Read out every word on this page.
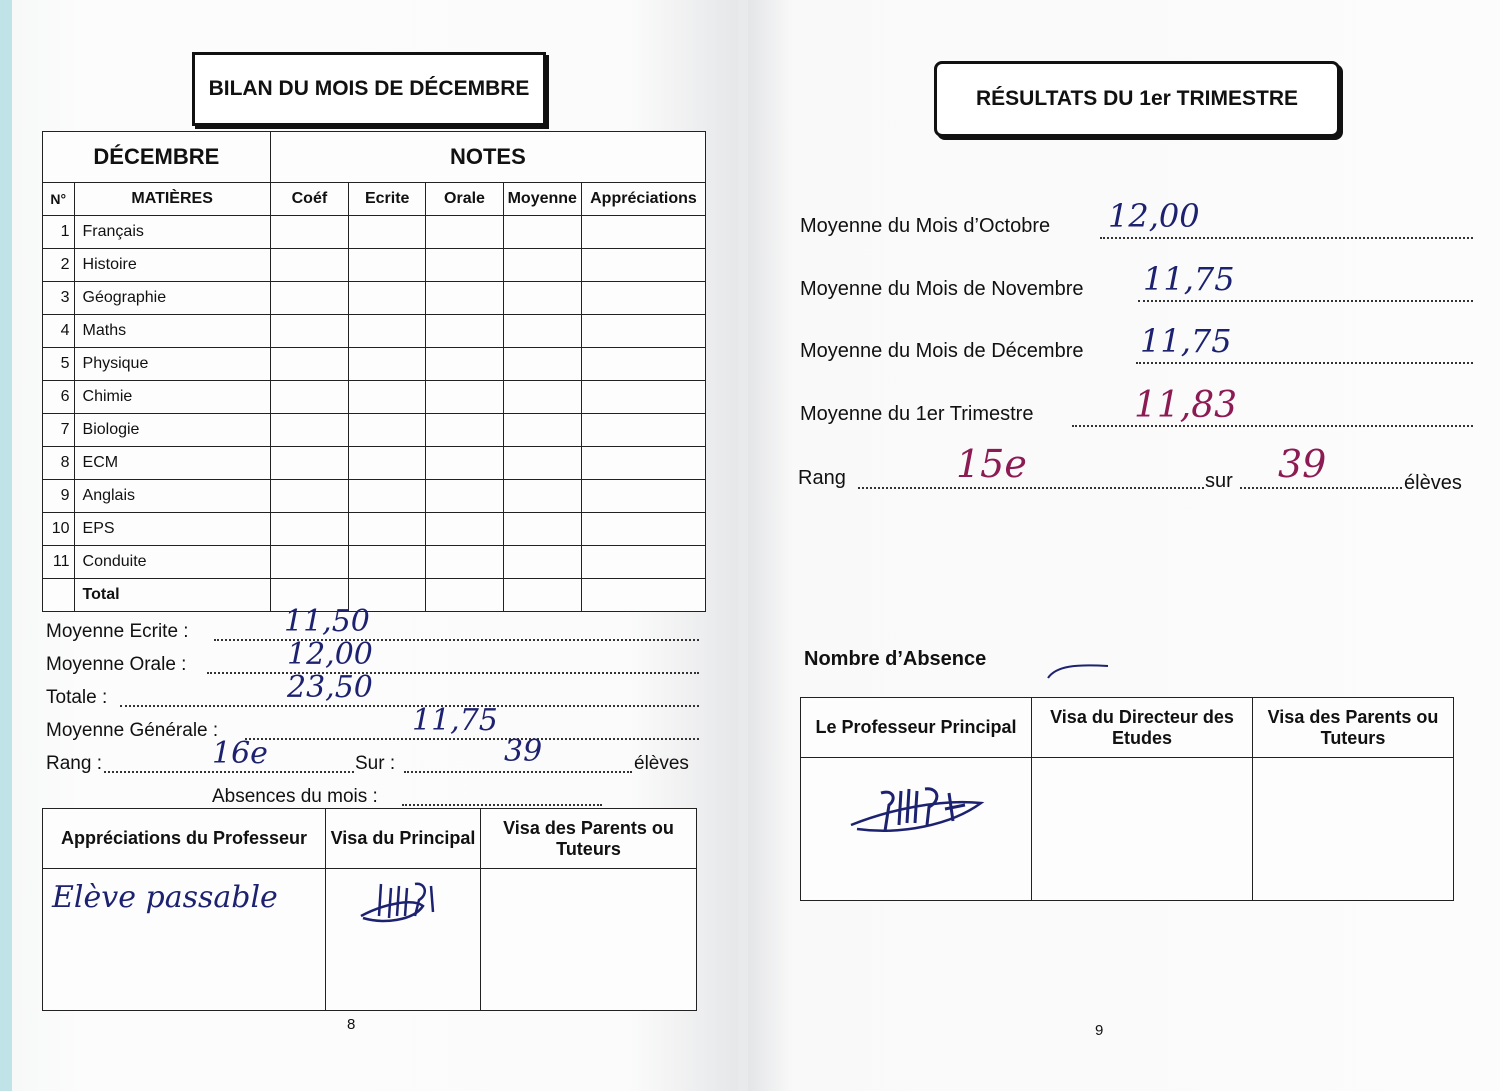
BILAN DU MOIS DE DÉCEMBRE
DÉCEMBRE		NOTES				
N°	MATIÈRES	Coéf	Ecrite	Orale	Moyenne	Appréciations
1	Français					
2	Histoire					
3	Géographie					
4	Maths					
5	Physique					
6	Chimie					
7	Biologie					
8	ECM					
9	Anglais					
10	EPS					
11	Conduite					
	Total					
Moyenne Ecrite :	11,50
Moyenne Orale :	12,00
Totale :	23,50
Moyenne Générale :	11,75
Rang :	16e	Sur :	39	élèves
Absences du mois :
Appréciations du Professeur	Visa du Principal	Visa des Parents ou Tuteurs

Elève passable

8
RÉSULTATS DU 1er TRIMESTRE
Moyenne du Mois d’Octobre 12,00
Moyenne du Mois de Novembre 11,75
Moyenne du Mois de Décembre 11,75
Moyenne du 1er Trimestre	11,83
Rang	15e	sur 39	élèves
Nombre d’Absence
Le Professeur Principal	Visa du Directeur des Etudes	Visa des Parents ou Tuteurs

9
